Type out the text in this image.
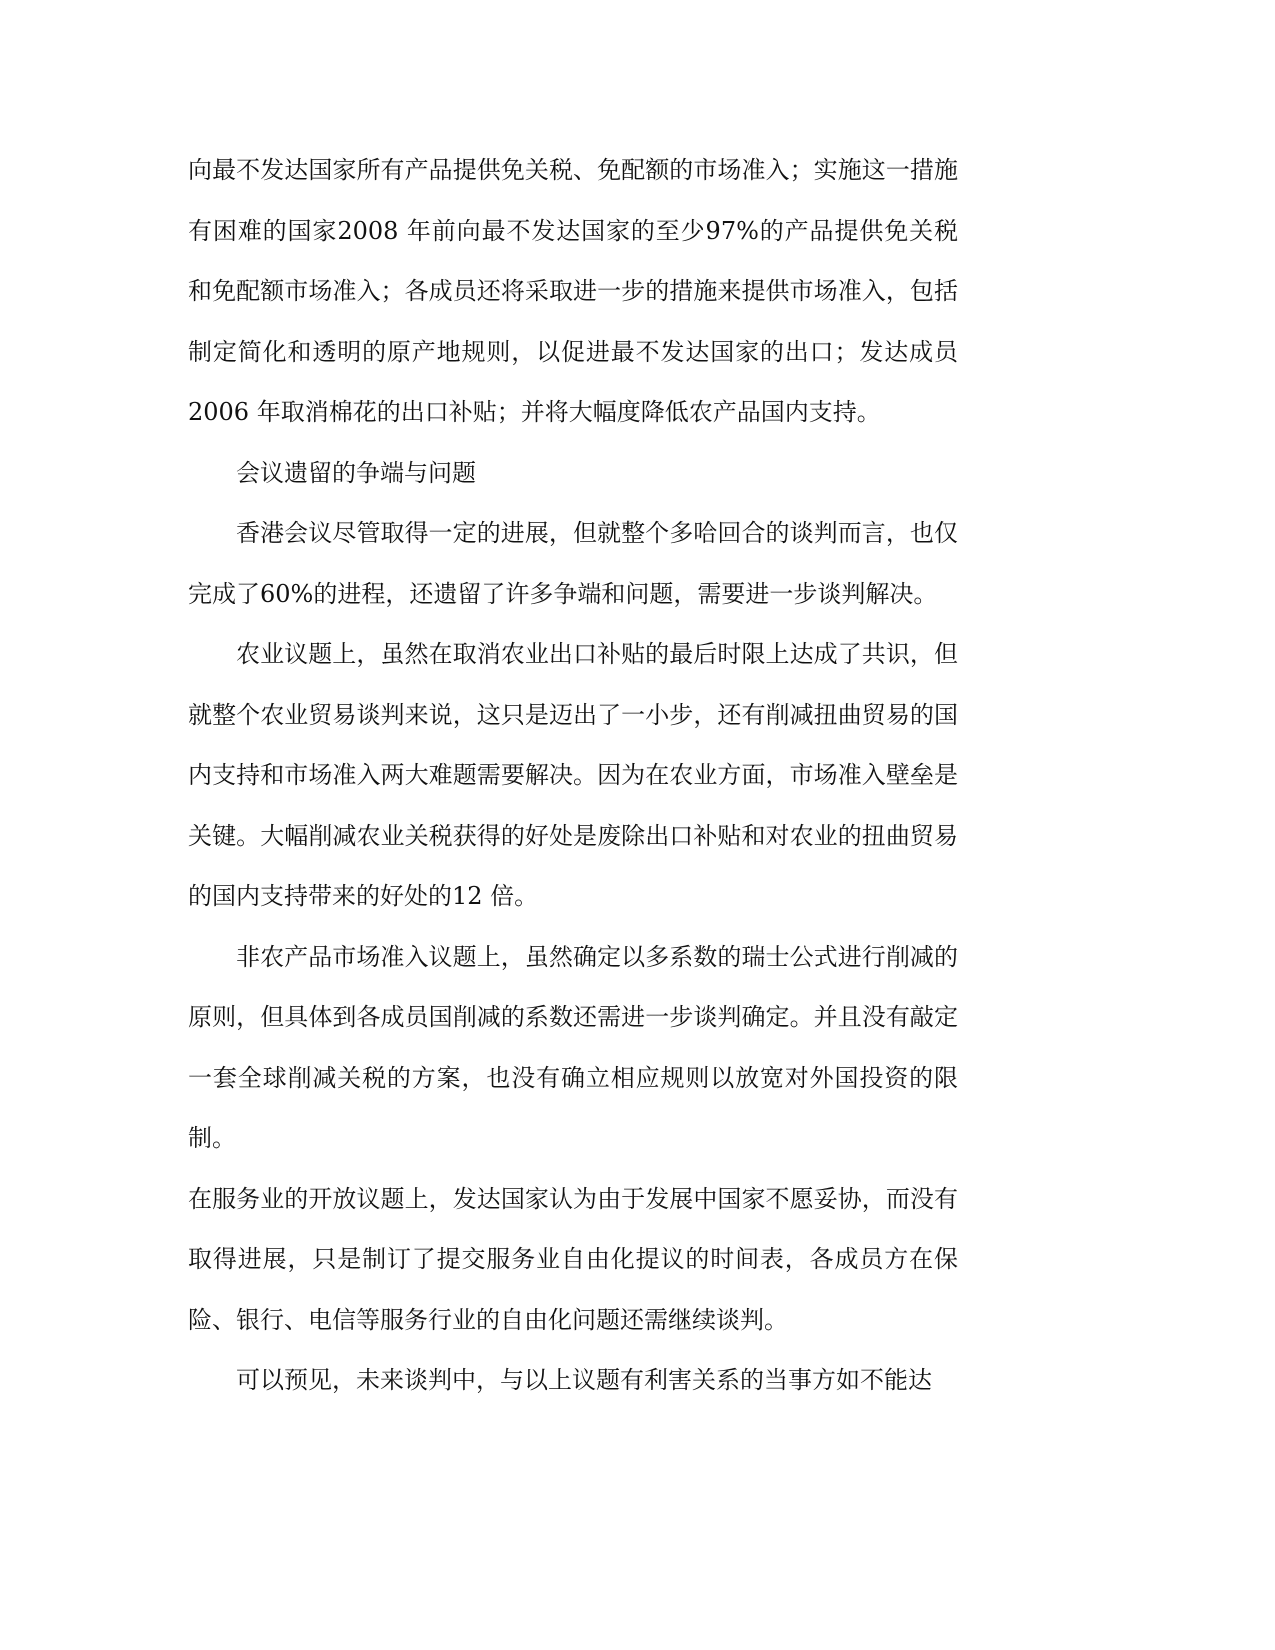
向最不发达国家所有产品提供免关税、免配额的市场准入；实施这一措施有困难的国家2008 年前向最不发达国家的至少97%的产品提供免关税和免配额市场准入；各成员还将采取进一步的措施来提供市场准入，包括制定简化和透明的原产地规则，以促进最不发达国家的出口；发达成员2006 年取消棉花的出口补贴；并将大幅度降低农产品国内支持。

会议遗留的争端与问题

香港会议尽管取得一定的进展，但就整个多哈回合的谈判而言，也仅完成了60%的进程，还遗留了许多争端和问题，需要进一步谈判解决。

农业议题上，虽然在取消农业出口补贴的最后时限上达成了共识，但就整个农业贸易谈判来说，这只是迈出了一小步，还有削减扭曲贸易的国内支持和市场准入两大难题需要解决。因为在农业方面，市场准入壁垒是关键。大幅削减农业关税获得的好处是废除出口补贴和对农业的扭曲贸易的国内支持带来的好处的12 倍。

非农产品市场准入议题上，虽然确定以多系数的瑞士公式进行削减的原则，但具体到各成员国削减的系数还需进一步谈判确定。并且没有敲定一套全球削减关税的方案，也没有确立相应规则以放宽对外国投资的限制。

在服务业的开放议题上，发达国家认为由于发展中国家不愿妥协，而没有取得进展，只是制订了提交服务业自由化提议的时间表，各成员方在保险、银行、电信等服务行业的自由化问题还需继续谈判。

可以预见，未来谈判中，与以上议题有利害关系的当事方如不能达
